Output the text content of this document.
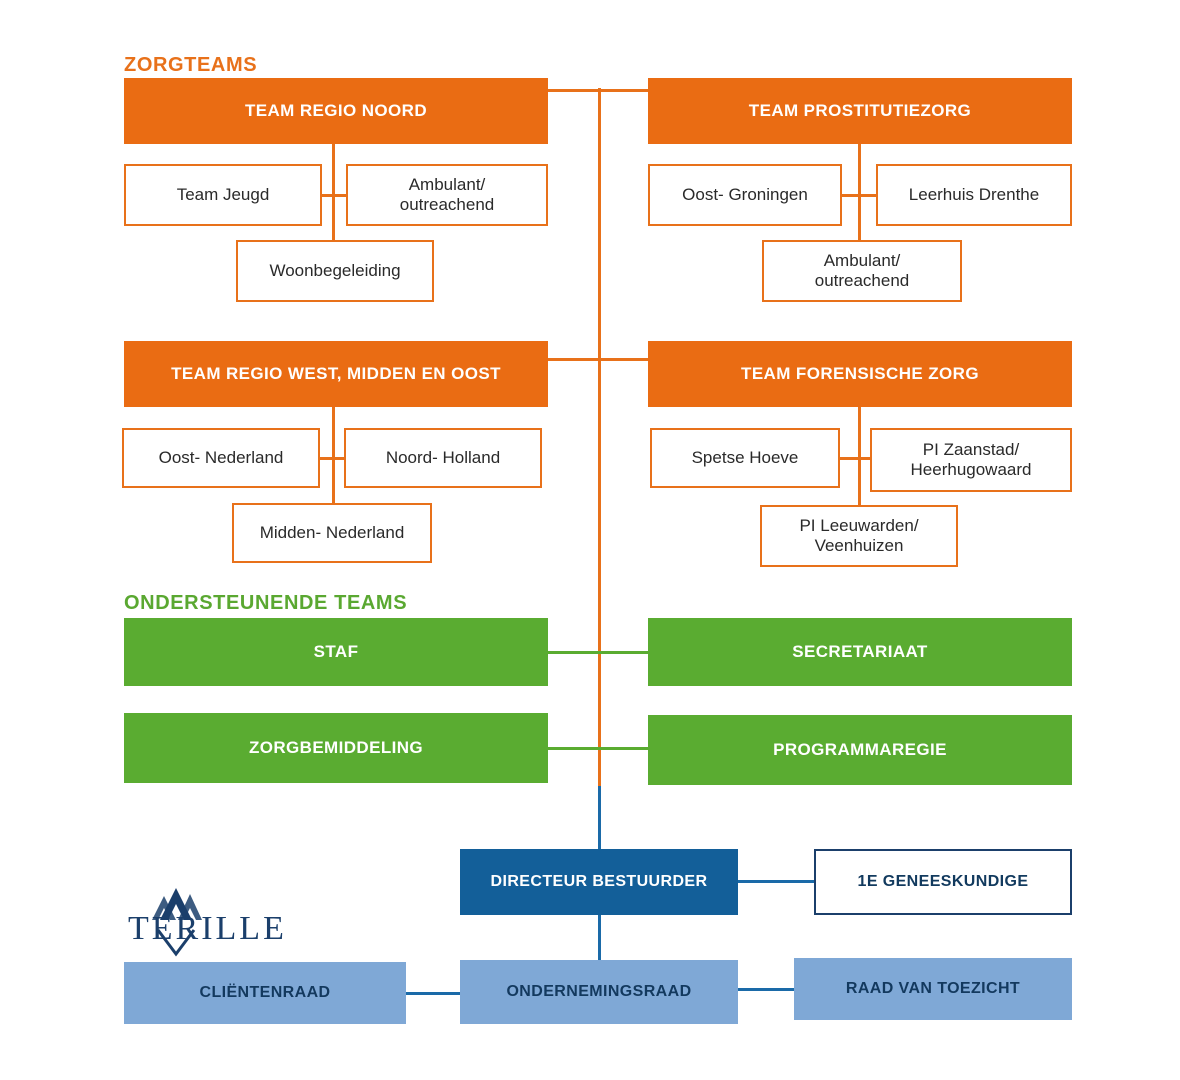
ZORGTEAMS
ONDERSTEUNENDE TEAMS
TEAM REGIO NOORD
Team Jeugd
Ambulant/
outreachend
Woonbegeleiding
TEAM PROSTITUTIEZORG
Oost- Groningen	Leerhuis Drenthe
Ambulant/
outreachend
TEAM REGIO WEST, MIDDEN EN OOST
Oost- Nederland	Noord- Holland
Midden- Nederland
TEAM FORENSISCHE ZORG
Spetse Hoeve	PI Zaanstad/
Heerhugowaard
PI Leeuwarden/
Veenhuizen
STAF	SECRETARIAAT
ZORGBEMIDDELING	PROGRAMMAREGIE
DIRECTEUR BESTUURDER	1E GENEESKUNDIGE
CLIËNTENRAAD	ONDERNEMINGSRAAD	RAAD VAN TOEZICHT
TERILLE
